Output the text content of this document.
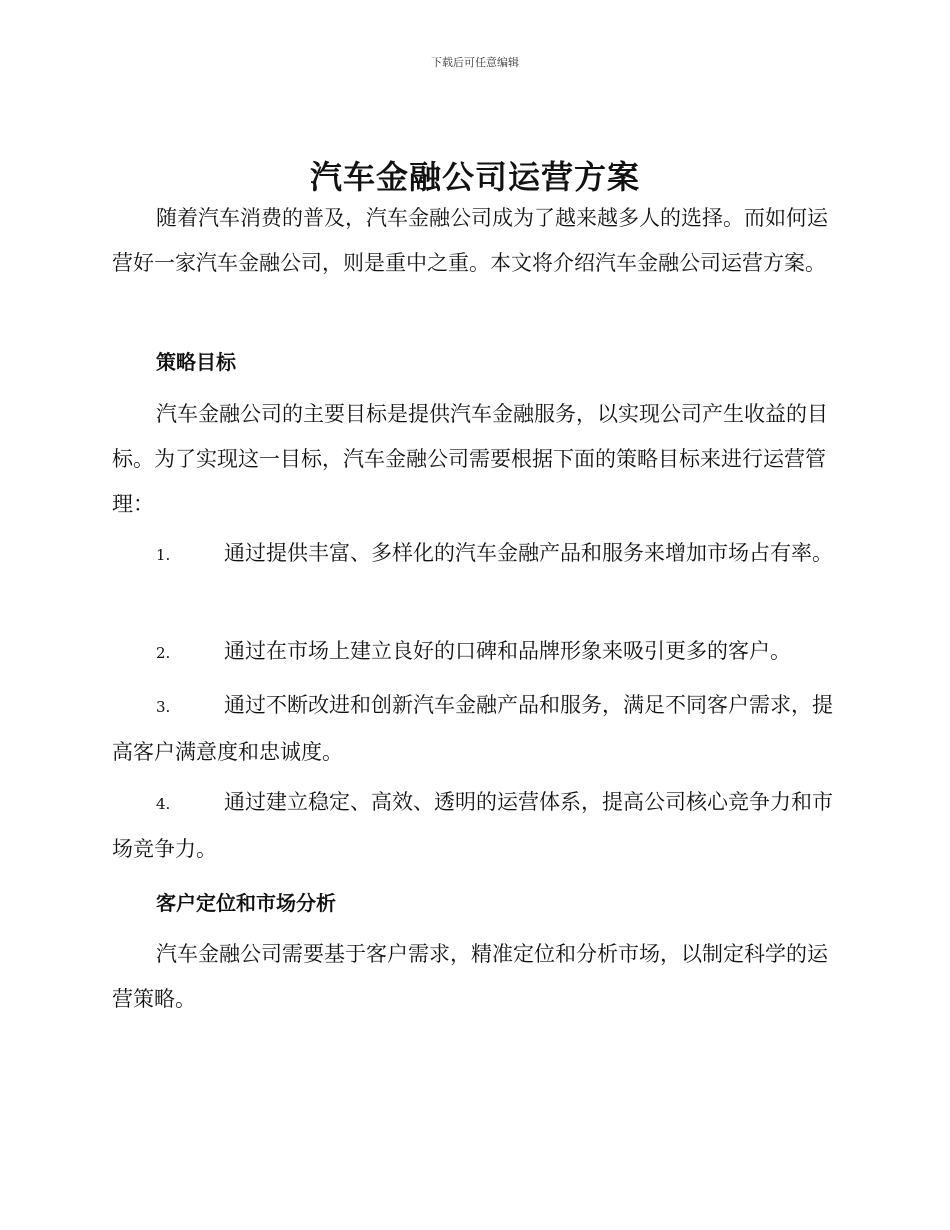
下载后可任意编辑
汽车金融公司运营方案

随着汽车消费的普及，汽车金融公司成为了越来越多人的选择。而如何运营好一家汽车金融公司，则是重中之重。本文将介绍汽车金融公司运营方案。

策略目标

汽车金融公司的主要目标是提供汽车金融服务，以实现公司产生收益的目标。为了实现这一目标，汽车金融公司需要根据下面的策略目标来进行运营管理：

1.	通过提供丰富、多样化的汽车金融产品和服务来增加市场占有率。

2.	通过在市场上建立良好的口碑和品牌形象来吸引更多的客户。

3.	通过不断改进和创新汽车金融产品和服务，满足不同客户需求，提高客户满意度和忠诚度。

4.	通过建立稳定、高效、透明的运营体系，提高公司核心竞争力和市场竞争力。

客户定位和市场分析

汽车金融公司需要基于客户需求，精准定位和分析市场，以制定科学的运营策略。
